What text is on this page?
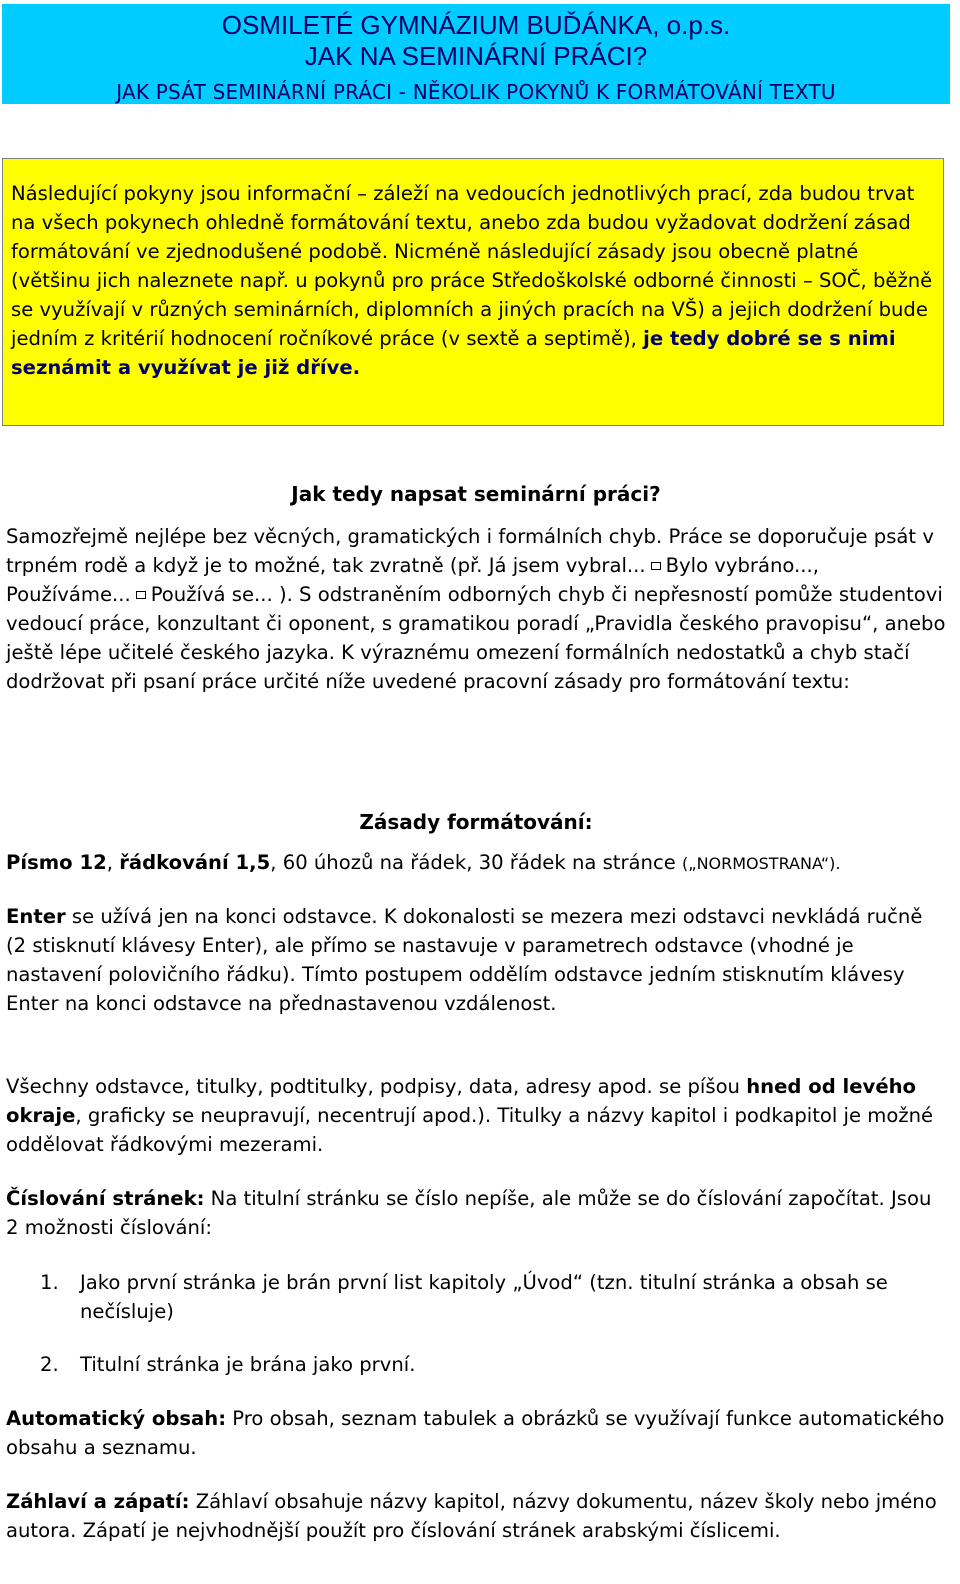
OSMILETÉ GYMNÁZIUM BUĎÁNKA, o.p.s.
JAK NA SEMINÁRNÍ PRÁCI?
JAK PSÁT SEMINÁRNÍ PRÁCI - NĚKOLIK POKYNŮ K FORMÁTOVÁNÍ TEXTU
Následující pokyny jsou informační – záleží na vedoucích jednotlivých prací, zda budou trvat na všech pokynech ohledně formátování textu, anebo zda budou vyžadovat dodržení zásad formátování ve zjednodušené podobě. Nicméně následující zásady jsou obecně platné (většinu jich naleznete např. u pokynů pro práce Středoškolské odborné činnosti – SOČ, běžně se využívají v různých seminárních, diplomních a jiných pracích na VŠ) a jejich dodržení bude jedním z kritérií hodnocení ročníkové práce (v sextě a septimě), je tedy dobré se s nimi seznámit a využívat je již dříve.
Jak tedy napsat seminární práci?
Samozřejmě nejlépe bez věcných, gramatických i formálních chyb. Práce se doporučuje psát v trpném rodě a když je to možné, tak zvratně (př. Já jsem vybral... Bylo vybráno..., Používáme... Používá se... ). S odstraněním odborných chyb či nepřesností pomůže studentovi vedoucí práce, konzultant či oponent, s gramatikou poradí „Pravidla českého pravopisu“, anebo ještě lépe učitelé českého jazyka. K výraznému omezení formálních nedostatků a chyb stačí dodržovat při psaní práce určité níže uvedené pracovní zásady pro formátování textu:
Zásady formátování:
Písmo 12, řádkování 1,5, 60 úhozů na řádek, 30 řádek na stránce („NORMOSTRANA“).
Enter se užívá jen na konci odstavce. K dokonalosti se mezera mezi odstavci nevkládá ručně (2 stisknutí klávesy Enter), ale přímo se nastavuje v parametrech odstavce (vhodné je nastavení polovičního řádku). Tímto postupem oddělím odstavce jedním stisknutím klávesy Enter na konci odstavce na přednastavenou vzdálenost.
Všechny odstavce, titulky, podtitulky, podpisy, data, adresy apod. se píšou hned od levého okraje, graficky se neupravují, necentrují apod.). Titulky a názvy kapitol i podkapitol je možné oddělovat řádkovými mezerami.
Číslování stránek: Na titulní stránku se číslo nepíše, ale může se do číslování započítat. Jsou 2 možnosti číslování:
1.	Jako první stránka je brán první list kapitoly „Úvod“ (tzn. titulní stránka a obsah se nečísluje)
2.	Titulní stránka je brána jako první.
Automatický obsah: Pro obsah, seznam tabulek a obrázků se využívají funkce automatického obsahu a seznamu.
Záhlaví a zápatí: Záhlaví obsahuje názvy kapitol, názvy dokumentu, název školy nebo jméno autora. Zápatí je nejvhodnější použít pro číslování stránek arabskými číslicemi.
